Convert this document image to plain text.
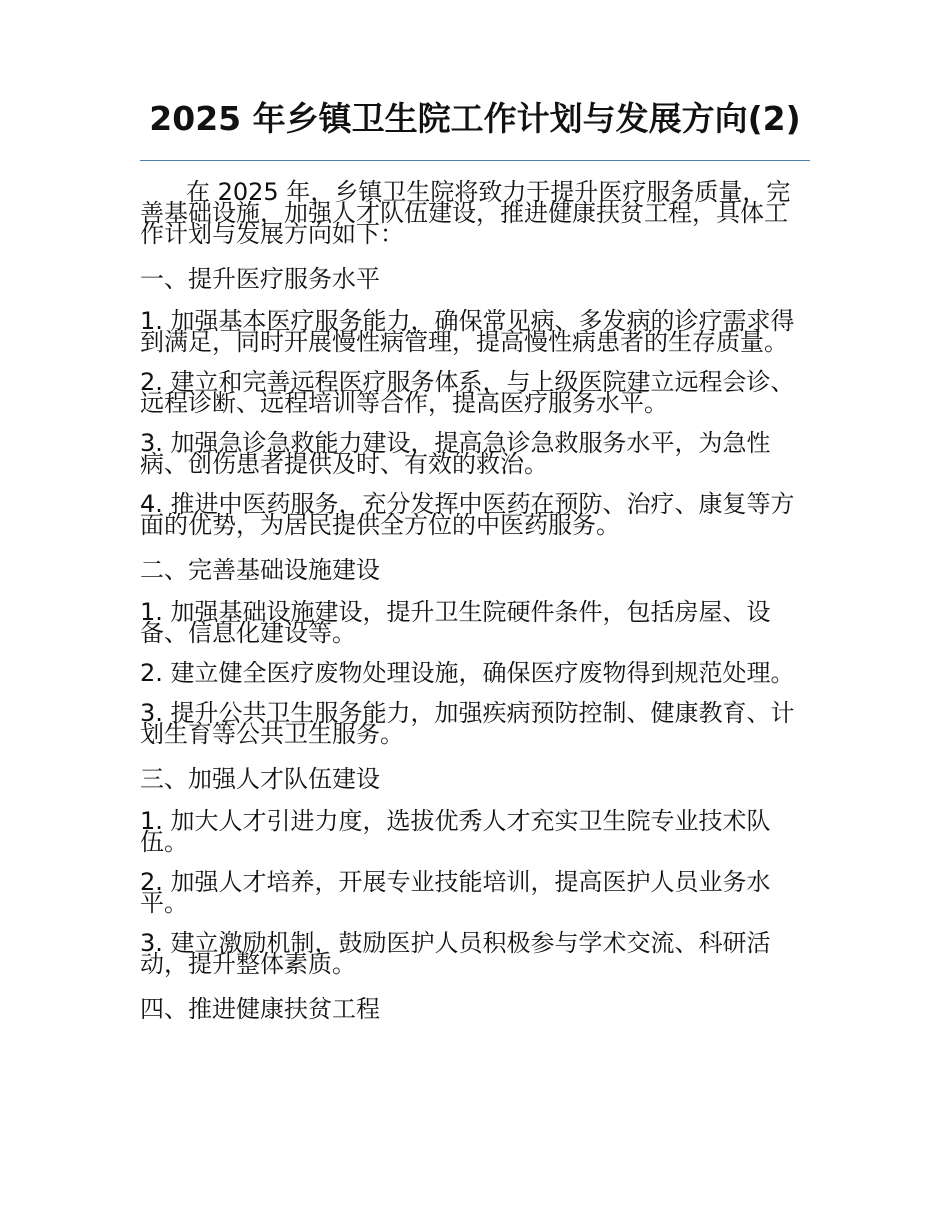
2025 年乡镇卫生院工作计划与发展方向(2)

在 2025 年，乡镇卫生院将致力于提升医疗服务质量，完善基础设施，加强人才队伍建设，推进健康扶贫工程，具体工作计划与发展方向如下：

一、提升医疗服务水平

1. 加强基本医疗服务能力，确保常见病、多发病的诊疗需求得到满足，同时开展慢性病管理，提高慢性病患者的生存质量。

2. 建立和完善远程医疗服务体系，与上级医院建立远程会诊、远程诊断、远程培训等合作，提高医疗服务水平。

3. 加强急诊急救能力建设，提高急诊急救服务水平，为急性病、创伤患者提供及时、有效的救治。

4. 推进中医药服务，充分发挥中医药在预防、治疗、康复等方面的优势，为居民提供全方位的中医药服务。

二、完善基础设施建设

1. 加强基础设施建设，提升卫生院硬件条件，包括房屋、设备、信息化建设等。

2. 建立健全医疗废物处理设施，确保医疗废物得到规范处理。

3. 提升公共卫生服务能力，加强疾病预防控制、健康教育、计划生育等公共卫生服务。

三、加强人才队伍建设

1. 加大人才引进力度，选拔优秀人才充实卫生院专业技术队伍。

2. 加强人才培养，开展专业技能培训，提高医护人员业务水平。

3. 建立激励机制，鼓励医护人员积极参与学术交流、科研活动，提升整体素质。

四、推进健康扶贫工程
